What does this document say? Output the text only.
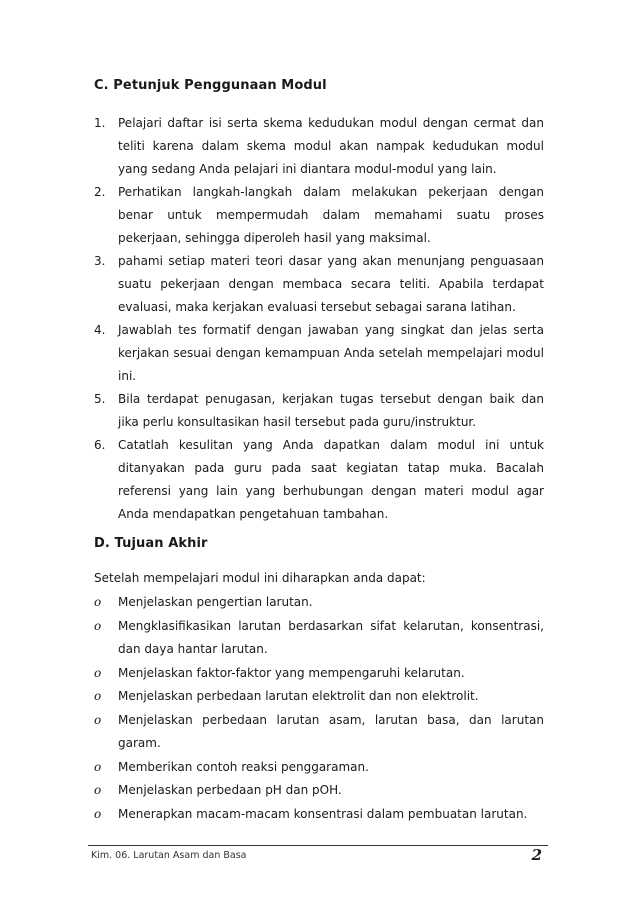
C. Petunjuk Penggunaan Modul
1. Pelajari daftar isi serta skema kedudukan modul dengan cermat dan teliti karena dalam skema modul akan nampak kedudukan modul yang sedang Anda pelajari ini diantara modul-modul yang lain.
2. Perhatikan langkah-langkah dalam melakukan pekerjaan dengan benar untuk mempermudah dalam memahami suatu proses pekerjaan, sehingga diperoleh hasil yang maksimal.
3. pahami setiap materi teori dasar yang akan menunjang penguasaan suatu pekerjaan dengan membaca secara teliti. Apabila terdapat evaluasi, maka kerjakan evaluasi tersebut sebagai sarana latihan.
4. Jawablah tes formatif dengan jawaban yang singkat dan jelas serta kerjakan sesuai dengan kemampuan Anda setelah mempelajari modul ini.
5. Bila terdapat penugasan, kerjakan tugas tersebut dengan baik dan jika perlu konsultasikan hasil tersebut pada guru/instruktur.
6. Catatlah kesulitan yang Anda dapatkan dalam modul ini untuk ditanyakan pada guru pada saat kegiatan tatap muka. Bacalah referensi yang lain yang berhubungan dengan materi modul agar Anda mendapatkan pengetahuan tambahan.
D. Tujuan Akhir
Setelah mempelajari modul ini diharapkan anda dapat:
o Menjelaskan pengertian larutan.
o Mengklasifikasikan larutan berdasarkan sifat kelarutan, konsentrasi, dan daya hantar larutan.
o Menjelaskan faktor-faktor yang mempengaruhi kelarutan.
o Menjelaskan perbedaan larutan elektrolit dan non elektrolit.
o Menjelaskan perbedaan larutan asam, larutan basa, dan larutan garam.
o Memberikan contoh reaksi penggaraman.
o Menjelaskan perbedaan pH dan pOH.
o Menerapkan macam-macam konsentrasi dalam pembuatan larutan.
Kim. 06. Larutan Asam dan Basa	2
